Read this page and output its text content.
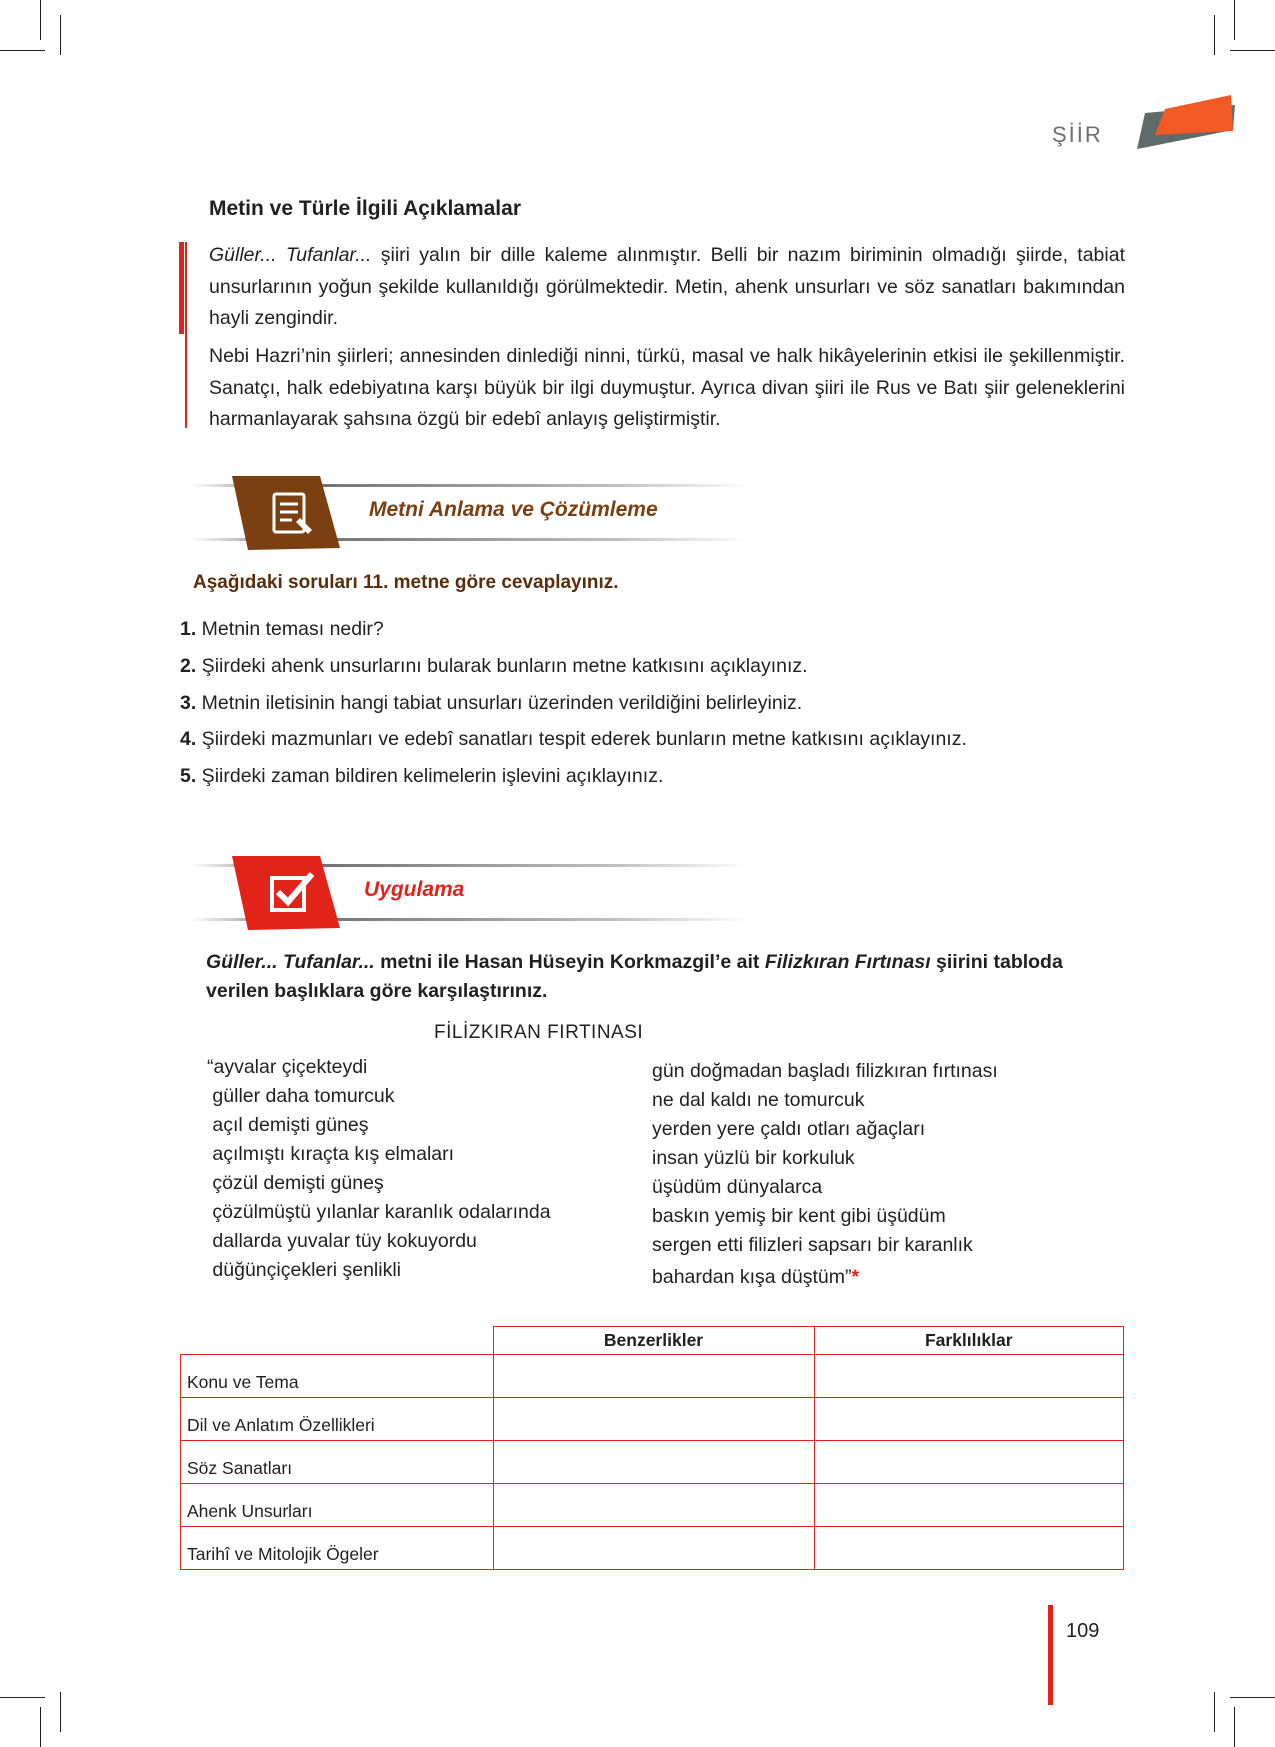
ŞİİR
Metin ve Türle İlgili Açıklamalar

Güller... Tufanlar... şiiri yalın bir dille kaleme alınmıştır. Belli bir nazım biriminin olmadığı şiirde, tabiat unsurlarının yoğun şekilde kullanıldığı görülmektedir. Metin, ahenk unsurları ve söz sanatları bakımından hayli zengindir.

Nebi Hazri’nin şiirleri; annesinden dinlediği ninni, türkü, masal ve halk hikâyelerinin etkisi ile şekillenmiştir. Sanatçı, halk edebiyatına karşı büyük bir ilgi duymuştur. Ayrıca divan şiiri ile Rus ve Batı şiir geleneklerini harmanlayarak şahsına özgü bir edebî anlayış geliştirmiştir.

Metni Anlama ve Çözümleme
Aşağıdaki soruları 11. metne göre cevaplayınız.
1. Metnin teması nedir?
2. Şiirdeki ahenk unsurlarını bularak bunların metne katkısını açıklayınız.
3. Metnin iletisinin hangi tabiat unsurları üzerinden verildiğini belirleyiniz.
4. Şiirdeki mazmunları ve edebî sanatları tespit ederek bunların metne katkısını açıklayınız.
5. Şiirdeki zaman bildiren kelimelerin işlevini açıklayınız.
Uygulama

Güller... Tufanlar... metni ile Hasan Hüseyin Korkmazgil’e ait Filizkıran Fırtınası şiirini tabloda verilen başlıklara göre karşılaştırınız.

FİLİZKIRAN FIRTINASI
“ayvalar çiçekteydi
güller daha tomurcuk
açıl demişti güneş
açılmıştı kıraçta kış elmaları
çözül demişti güneş
çözülmüştü yılanlar karanlık odalarında
dallarda yuvalar tüy kokuyordu
düğünçiçekleri şenlikli
gün doğmadan başladı filizkıran fırtınası
ne dal kaldı ne tomurcuk
yerden yere çaldı otları ağaçları
insan yüzlü bir korkuluk
üşüdüm dünyalarca
baskın yemiş bir kent gibi üşüdüm
sergen etti filizleri sapsarı bir karanlık
bahardan kışa düştüm”*
	Benzerlikler	Farklılıklar
Konu ve Tema		
Dil ve Anlatım Özellikleri		
Söz Sanatları		
Ahenk Unsurları		
Tarihî ve Mitolojik Ögeler		
109
